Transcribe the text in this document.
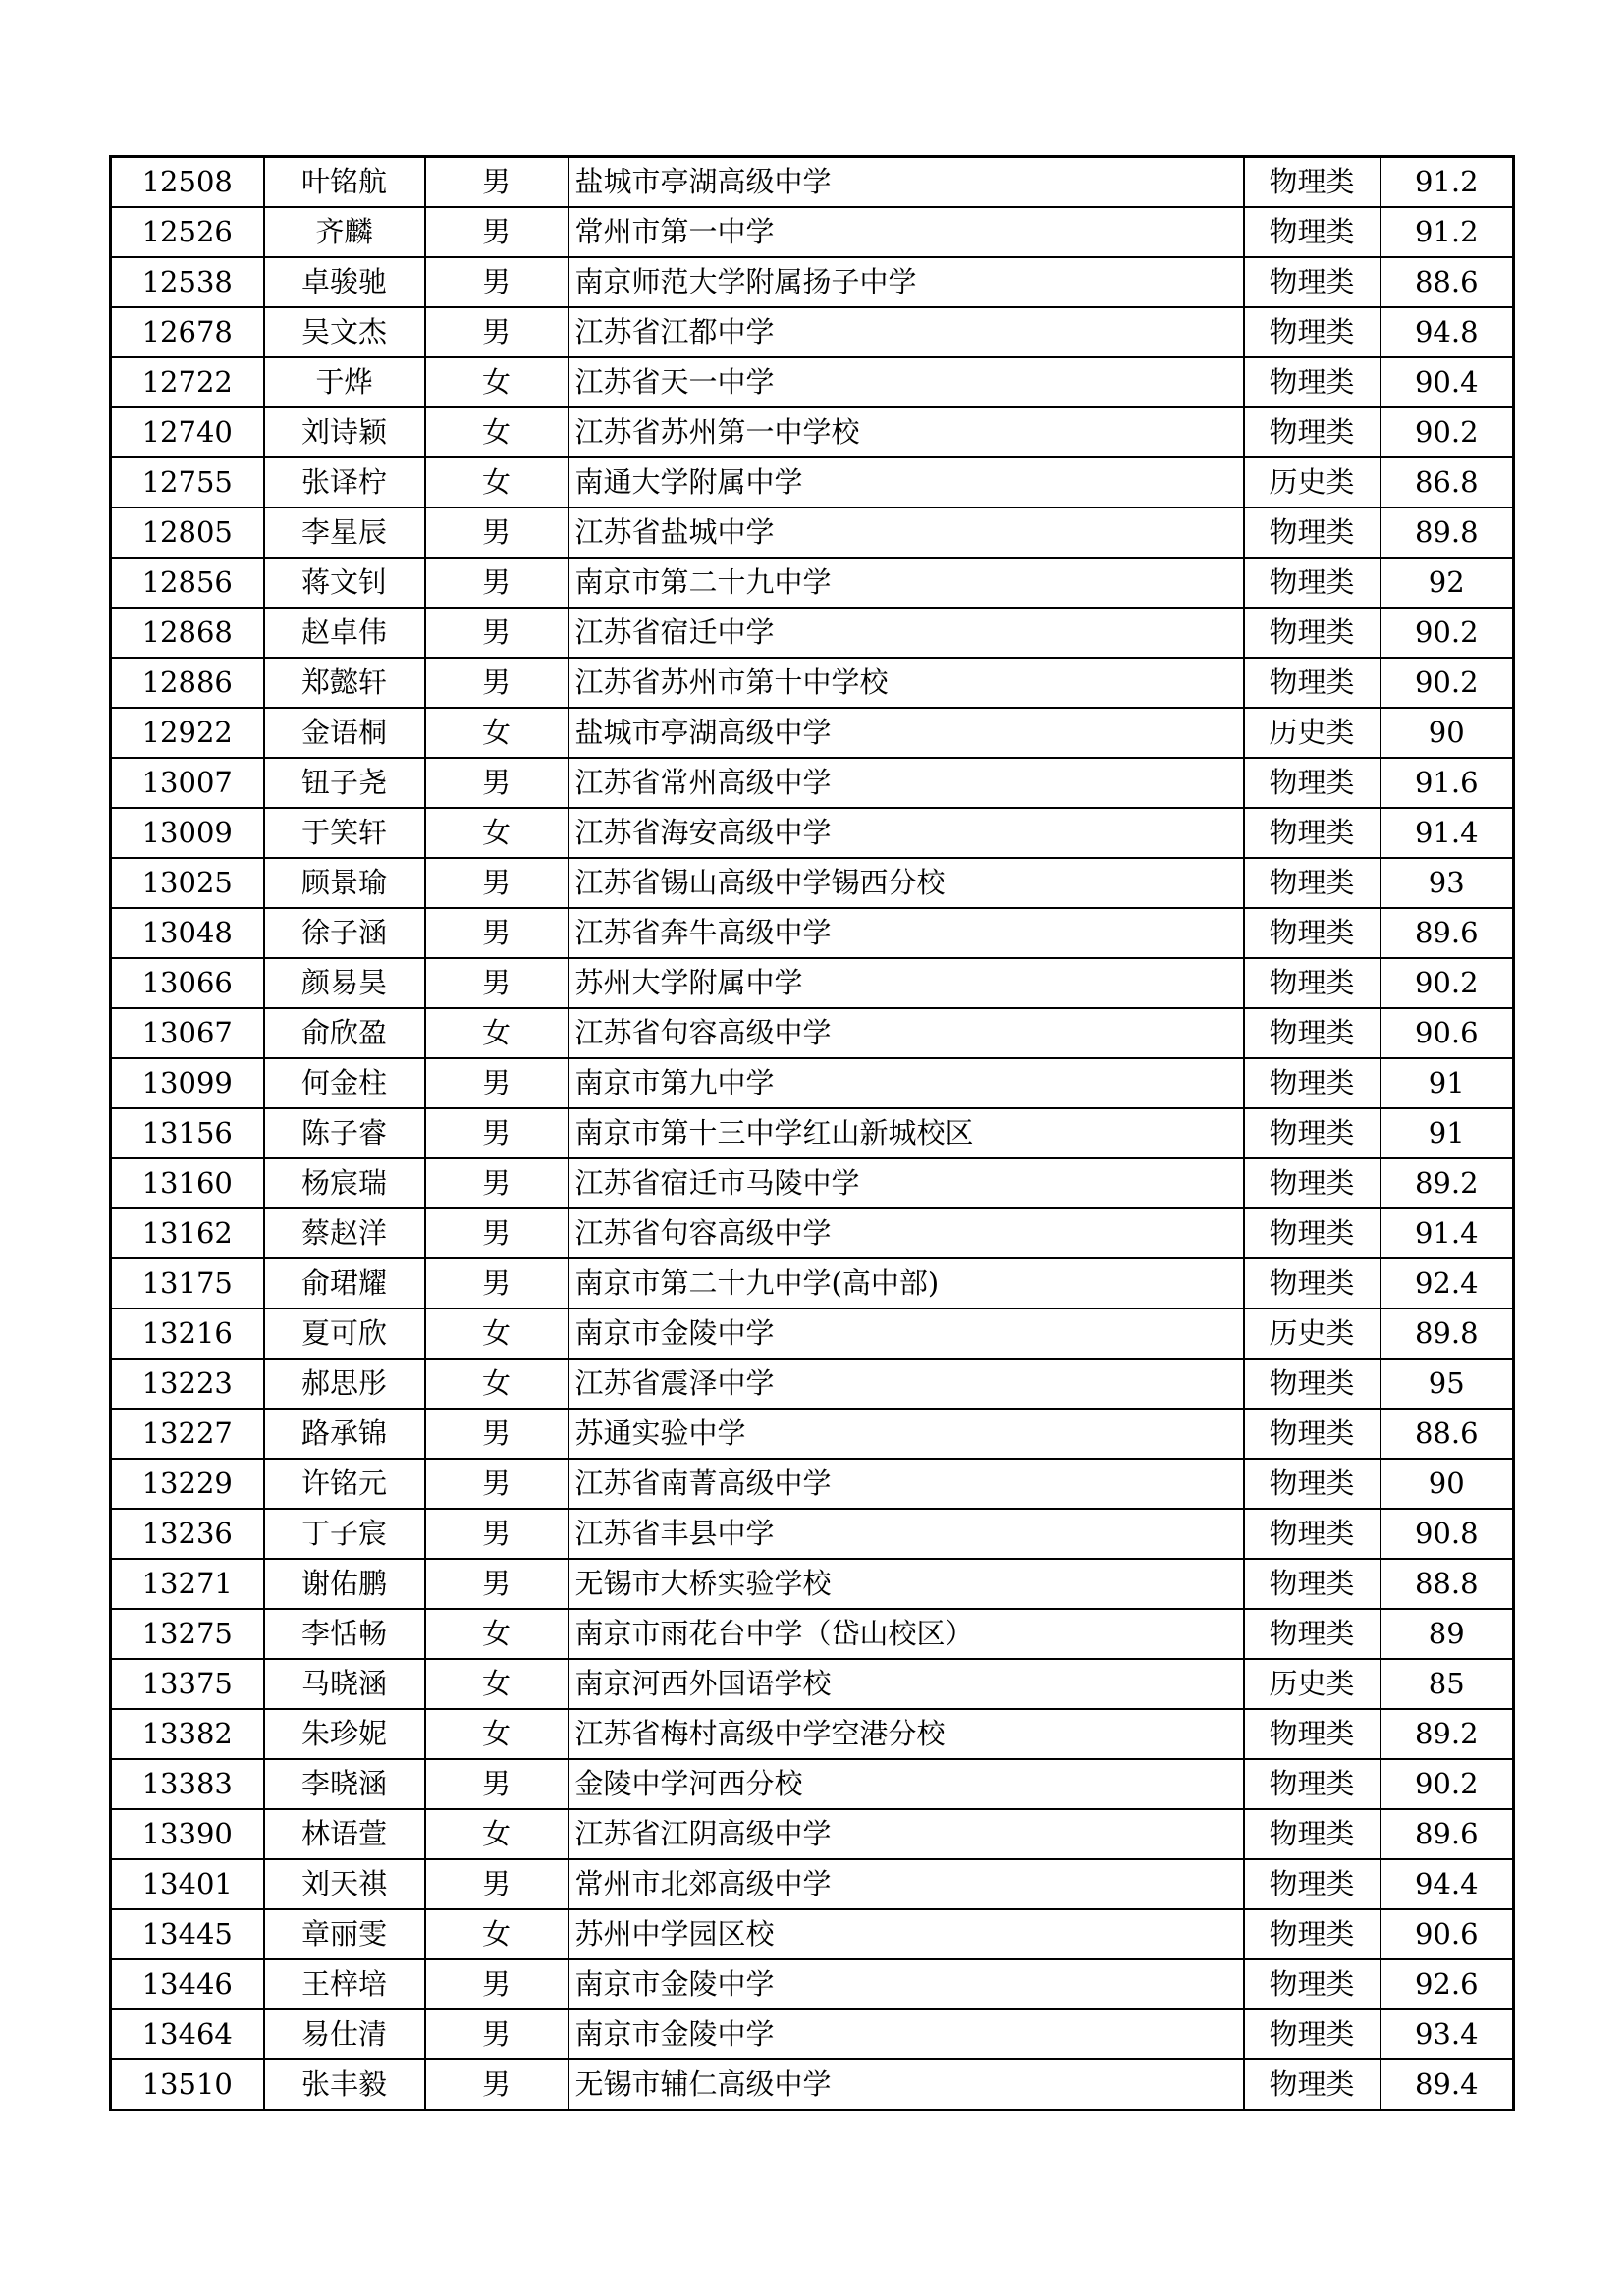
12508	叶铭航	男	盐城市亭湖高级中学	物理类	91.2
12526	齐麟	男	常州市第一中学	物理类	91.2
12538	卓骏驰	男	南京师范大学附属扬子中学	物理类	88.6
12678	吴文杰	男	江苏省江都中学	物理类	94.8
12722	于烨	女	江苏省天一中学	物理类	90.4
12740	刘诗颖	女	江苏省苏州第一中学校	物理类	90.2
12755	张译柠	女	南通大学附属中学	历史类	86.8
12805	李星辰	男	江苏省盐城中学	物理类	89.8
12856	蒋文钊	男	南京市第二十九中学	物理类	92
12868	赵卓伟	男	江苏省宿迁中学	物理类	90.2
12886	郑懿轩	男	江苏省苏州市第十中学校	物理类	90.2
12922	金语桐	女	盐城市亭湖高级中学	历史类	90
13007	钮子尧	男	江苏省常州高级中学	物理类	91.6
13009	于笑轩	女	江苏省海安高级中学	物理类	91.4
13025	顾景瑜	男	江苏省锡山高级中学锡西分校	物理类	93
13048	徐子涵	男	江苏省奔牛高级中学	物理类	89.6
13066	颜易昊	男	苏州大学附属中学	物理类	90.2
13067	俞欣盈	女	江苏省句容高级中学	物理类	90.6
13099	何金柱	男	南京市第九中学	物理类	91
13156	陈子睿	男	南京市第十三中学红山新城校区	物理类	91
13160	杨宸瑞	男	江苏省宿迁市马陵中学	物理类	89.2
13162	蔡赵洋	男	江苏省句容高级中学	物理类	91.4
13175	俞珺耀	男	南京市第二十九中学(高中部)	物理类	92.4
13216	夏可欣	女	南京市金陵中学	历史类	89.8
13223	郝思彤	女	江苏省震泽中学	物理类	95
13227	路承锦	男	苏通实验中学	物理类	88.6
13229	许铭元	男	江苏省南菁高级中学	物理类	90
13236	丁子宸	男	江苏省丰县中学	物理类	90.8
13271	谢佑鹏	男	无锡市大桥实验学校	物理类	88.8
13275	李恬畅	女	南京市雨花台中学（岱山校区）	物理类	89
13375	马晓涵	女	南京河西外国语学校	历史类	85
13382	朱珍妮	女	江苏省梅村高级中学空港分校	物理类	89.2
13383	李晓涵	男	金陵中学河西分校	物理类	90.2
13390	林语萱	女	江苏省江阴高级中学	物理类	89.6
13401	刘天祺	男	常州市北郊高级中学	物理类	94.4
13445	章丽雯	女	苏州中学园区校	物理类	90.6
13446	王梓培	男	南京市金陵中学	物理类	92.6
13464	易仕清	男	南京市金陵中学	物理类	93.4
13510	张丰毅	男	无锡市辅仁高级中学	物理类	89.4
